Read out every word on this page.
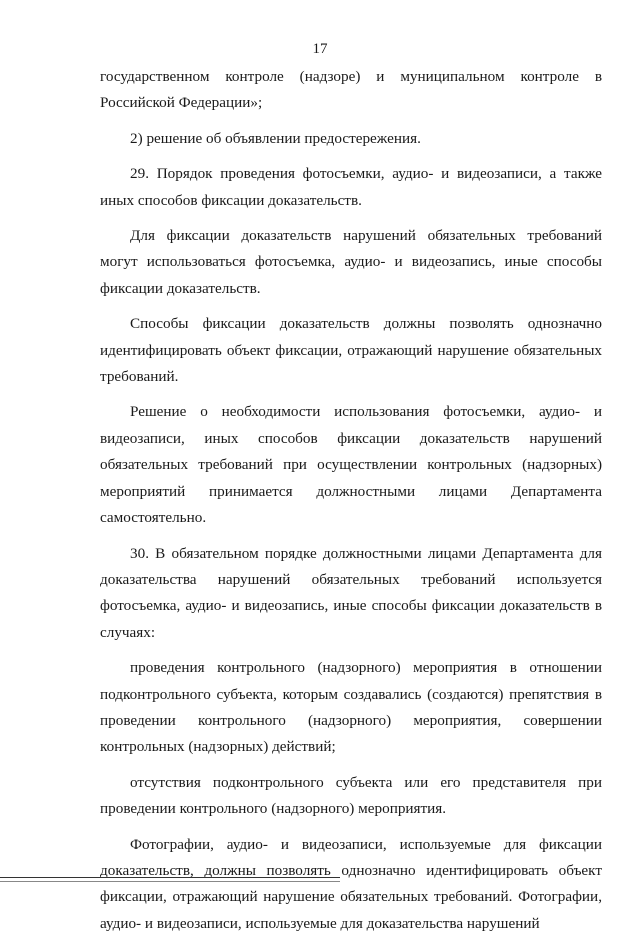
17

государственном контроле (надзоре) и муниципальном контроле в Российской Федерации»;

2) решение об объявлении предостережения.

29. Порядок проведения фотосъемки, аудио- и видеозаписи, а также иных способов фиксации доказательств.

Для фиксации доказательств нарушений обязательных требований могут использоваться фотосъемка, аудио- и видеозапись, иные способы фиксации доказательств.

Способы фиксации доказательств должны позволять однозначно идентифицировать объект фиксации, отражающий нарушение обязательных требований.

Решение о необходимости использования фотосъемки, аудио- и видеозаписи, иных способов фиксации доказательств нарушений обязательных требований при осуществлении контрольных (надзорных) мероприятий принимается должностными лицами Департамента самостоятельно.

30. В обязательном порядке должностными лицами Департамента для доказательства нарушений обязательных требований используется фотосъемка, аудио- и видеозапись, иные способы фиксации доказательств в случаях:

проведения контрольного (надзорного) мероприятия в отношении подконтрольного субъекта, которым создавались (создаются) препятствия в проведении контрольного (надзорного) мероприятия, совершении контрольных (надзорных) действий;

отсутствия подконтрольного субъекта или его представителя при проведении контрольного (надзорного) мероприятия.

Фотографии, аудио- и видеозаписи, используемые для фиксации доказательств, должны позволять однозначно идентифицировать объект фиксации, отражающий нарушение обязательных требований. Фотографии, аудио- и видеозаписи, используемые для доказательства нарушений
